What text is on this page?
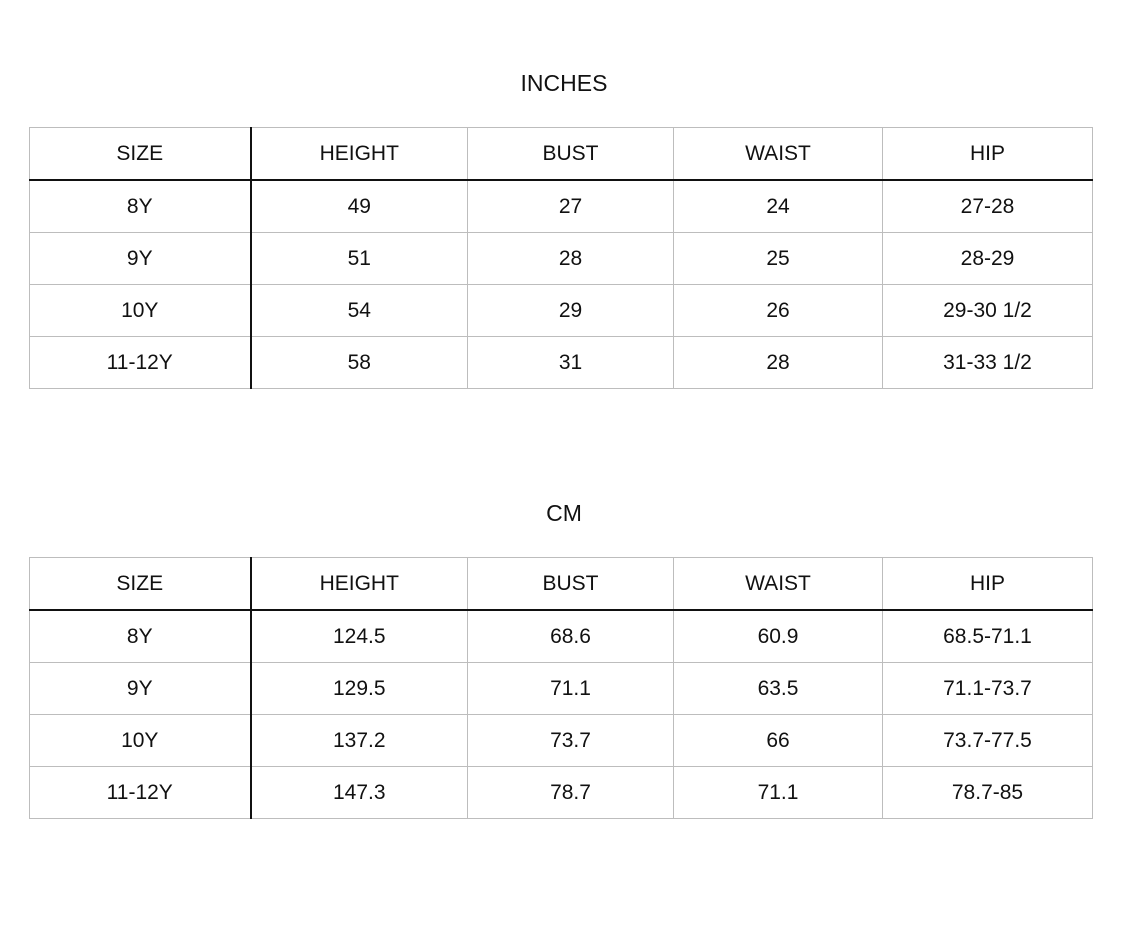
INCHES
SIZE	HEIGHT	BUST	WAIST	HIP
8Y	49	27	24	27-28
9Y	51	28	25	28-29
10Y	54	29	26	29-30 1/2
11-12Y	58	31	28	31-33 1/2
CM
SIZE	HEIGHT	BUST	WAIST	HIP
8Y	124.5	68.6	60.9	68.5-71.1
9Y	129.5	71.1	63.5	71.1-73.7
10Y	137.2	73.7	66	73.7-77.5
11-12Y	147.3	78.7	71.1	78.7-85
